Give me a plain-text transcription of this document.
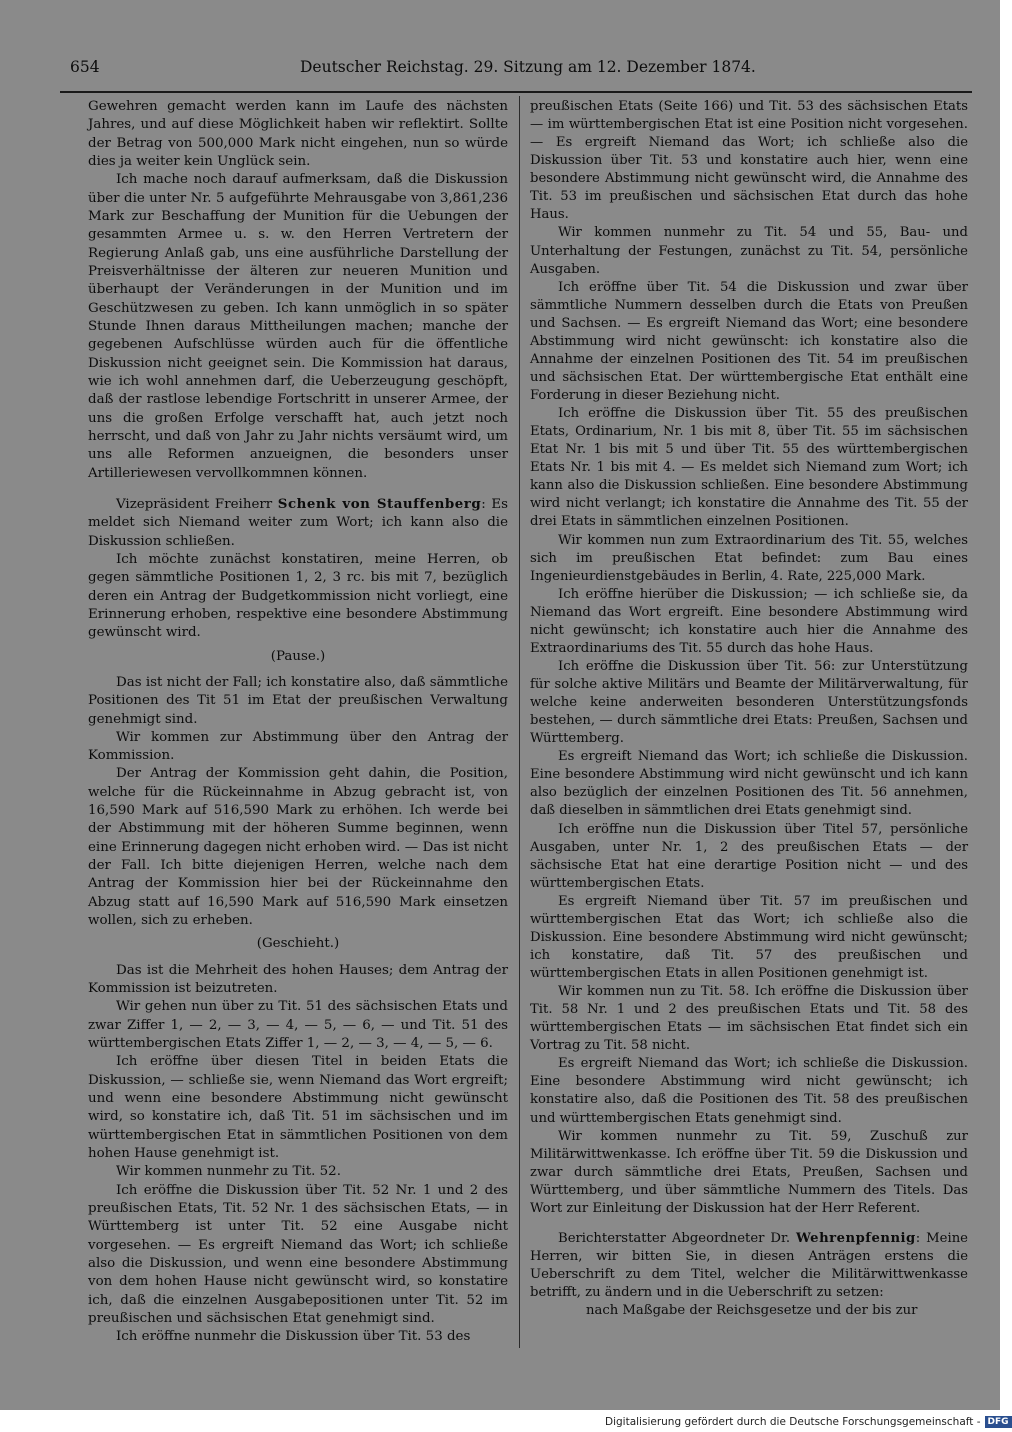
654	Deutscher Reichstag. 29. Sitzung am 12. Dezember 1874.

Gewehren gemacht werden kann im Laufe des nächsten Jahres, und auf diese Möglichkeit haben wir reflektirt. Sollte der Betrag von 500,000 Mark nicht eingehen, nun so würde dies ja weiter kein Unglück sein.

Ich mache noch darauf aufmerksam, daß die Diskussion über die unter Nr. 5 aufgeführte Mehrausgabe von 3,861,236 Mark zur Beschaffung der Munition für die Uebungen der gesammten Armee u. s. w. den Herren Vertretern der Regierung Anlaß gab, uns eine ausführliche Darstellung der Preisverhältnisse der älteren zur neueren Munition und überhaupt der Veränderungen in der Munition und im Geschützwesen zu geben. Ich kann unmöglich in so später Stunde Ihnen daraus Mittheilungen machen; manche der gegebenen Aufschlüsse würden auch für die öffentliche Diskussion nicht geeignet sein. Die Kommission hat daraus, wie ich wohl annehmen darf, die Ueberzeugung geschöpft, daß der rastlose lebendige Fortschritt in unserer Armee, der uns die großen Erfolge verschafft hat, auch jetzt noch herrscht, und daß von Jahr zu Jahr nichts versäumt wird, um uns alle Reformen anzueignen, die besonders unser Artilleriewesen vervollkommnen können.

Vizepräsident Freiherr Schenk von Stauffenberg: Es meldet sich Niemand weiter zum Wort; ich kann also die Diskussion schließen.

Ich möchte zunächst konstatiren, meine Herren, ob gegen sämmtliche Positionen 1, 2, 3 rc. bis mit 7, bezüglich deren ein Antrag der Budgetkommission nicht vorliegt, eine Erinnerung erhoben, respektive eine besondere Abstimmung gewünscht wird.

(Pause.)

Das ist nicht der Fall; ich konstatire also, daß sämmtliche Positionen des Tit 51 im Etat der preußischen Verwaltung genehmigt sind.

Wir kommen zur Abstimmung über den Antrag der Kommission.

Der Antrag der Kommission geht dahin, die Position, welche für die Rückeinnahme in Abzug gebracht ist, von 16,590 Mark auf 516,590 Mark zu erhöhen. Ich werde bei der Abstimmung mit der höheren Summe beginnen, wenn eine Erinnerung dagegen nicht erhoben wird. — Das ist nicht der Fall. Ich bitte diejenigen Herren, welche nach dem Antrag der Kommission hier bei der Rückeinnahme den Abzug statt auf 16,590 Mark auf 516,590 Mark einsetzen wollen, sich zu erheben.

(Geschieht.)

Das ist die Mehrheit des hohen Hauses; dem Antrag der Kommission ist beizutreten.

Wir gehen nun über zu Tit. 51 des sächsischen Etats und zwar Ziffer 1, — 2, — 3, — 4, — 5, — 6, — und Tit. 51 des württembergischen Etats Ziffer 1, — 2, — 3, — 4, — 5, — 6.

Ich eröffne über diesen Titel in beiden Etats die Diskussion, — schließe sie, wenn Niemand das Wort ergreift; und wenn eine besondere Abstimmung nicht gewünscht wird, so konstatire ich, daß Tit. 51 im sächsischen und im württembergischen Etat in sämmtlichen Positionen von dem hohen Hause genehmigt ist.

Wir kommen nunmehr zu Tit. 52.

Ich eröffne die Diskussion über Tit. 52 Nr. 1 und 2 des preußischen Etats, Tit. 52 Nr. 1 des sächsischen Etats, — in Württemberg ist unter Tit. 52 eine Ausgabe nicht vorgesehen. — Es ergreift Niemand das Wort; ich schließe also die Diskussion, und wenn eine besondere Abstimmung von dem hohen Hause nicht gewünscht wird, so konstatire ich, daß die einzelnen Ausgabepositionen unter Tit. 52 im preußischen und sächsischen Etat genehmigt sind.

Ich eröffne nunmehr die Diskussion über Tit. 53 des

preußischen Etats (Seite 166) und Tit. 53 des sächsischen Etats — im württembergischen Etat ist eine Position nicht vorgesehen. — Es ergreift Niemand das Wort; ich schließe also die Diskussion über Tit. 53 und konstatire auch hier, wenn eine besondere Abstimmung nicht gewünscht wird, die Annahme des Tit. 53 im preußischen und sächsischen Etat durch das hohe Haus.

Wir kommen nunmehr zu Tit. 54 und 55, Bau- und Unterhaltung der Festungen, zunächst zu Tit. 54, persönliche Ausgaben.

Ich eröffne über Tit. 54 die Diskussion und zwar über sämmtliche Nummern desselben durch die Etats von Preußen und Sachsen. — Es ergreift Niemand das Wort; eine besondere Abstimmung wird nicht gewünscht: ich konstatire also die Annahme der einzelnen Positionen des Tit. 54 im preußischen und sächsischen Etat. Der württembergische Etat enthält eine Forderung in dieser Beziehung nicht.

Ich eröffne die Diskussion über Tit. 55 des preußischen Etats, Ordinarium, Nr. 1 bis mit 8, über Tit. 55 im sächsischen Etat Nr. 1 bis mit 5 und über Tit. 55 des württembergischen Etats Nr. 1 bis mit 4. — Es meldet sich Niemand zum Wort; ich kann also die Diskussion schließen. Eine besondere Abstimmung wird nicht verlangt; ich konstatire die Annahme des Tit. 55 der drei Etats in sämmtlichen einzelnen Positionen.

Wir kommen nun zum Extraordinarium des Tit. 55, welches sich im preußischen Etat befindet: zum Bau eines Ingenieurdienstgebäudes in Berlin, 4. Rate, 225,000 Mark.

Ich eröffne hierüber die Diskussion; — ich schließe sie, da Niemand das Wort ergreift. Eine besondere Abstimmung wird nicht gewünscht; ich konstatire auch hier die Annahme des Extraordinariums des Tit. 55 durch das hohe Haus.

Ich eröffne die Diskussion über Tit. 56: zur Unterstützung für solche aktive Militärs und Beamte der Militärverwaltung, für welche keine anderweiten besonderen Unterstützungsfonds bestehen, — durch sämmtliche drei Etats: Preußen, Sachsen und Württemberg.

Es ergreift Niemand das Wort; ich schließe die Diskussion. Eine besondere Abstimmung wird nicht gewünscht und ich kann also bezüglich der einzelnen Positionen des Tit. 56 annehmen, daß dieselben in sämmtlichen drei Etats genehmigt sind.

Ich eröffne nun die Diskussion über Titel 57, persönliche Ausgaben, unter Nr. 1, 2 des preußischen Etats — der sächsische Etat hat eine derartige Position nicht — und des württembergischen Etats.

Es ergreift Niemand über Tit. 57 im preußischen und württembergischen Etat das Wort; ich schließe also die Diskussion. Eine besondere Abstimmung wird nicht gewünscht; ich konstatire, daß Tit. 57 des preußischen und württembergischen Etats in allen Positionen genehmigt ist.

Wir kommen nun zu Tit. 58. Ich eröffne die Diskussion über Tit. 58 Nr. 1 und 2 des preußischen Etats und Tit. 58 des württembergischen Etats — im sächsischen Etat findet sich ein Vortrag zu Tit. 58 nicht.

Es ergreift Niemand das Wort; ich schließe die Diskussion. Eine besondere Abstimmung wird nicht gewünscht; ich konstatire also, daß die Positionen des Tit. 58 des preußischen und württembergischen Etats genehmigt sind.

Wir kommen nunmehr zu Tit. 59, Zuschuß zur Militärwittwenkasse. Ich eröffne über Tit. 59 die Diskussion und zwar durch sämmtliche drei Etats, Preußen, Sachsen und Württemberg, und über sämmtliche Nummern des Titels. Das Wort zur Einleitung der Diskussion hat der Herr Referent.

Berichterstatter Abgeordneter Dr. Wehrenpfennig: Meine Herren, wir bitten Sie, in diesen Anträgen erstens die Ueberschrift zu dem Titel, welcher die Militärwittwenkasse betrifft, zu ändern und in die Ueberschrift zu setzen:

nach Maßgabe der Reichsgesetze und der bis zur

Digitalisierung gefördert durch die Deutsche Forschungsgemeinschaft - DFG
